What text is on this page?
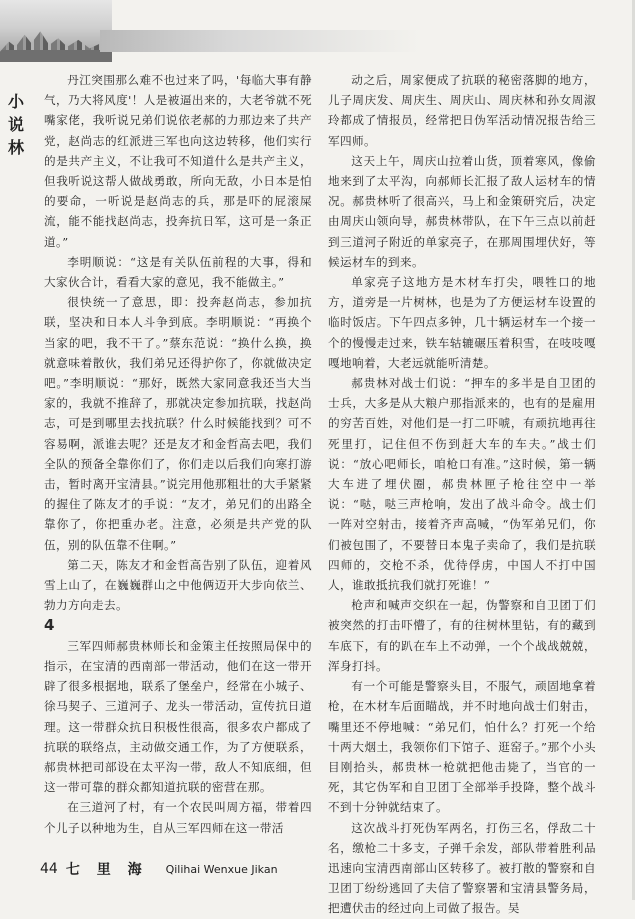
小说林

丹江突围那么难不也过来了吗，'每临大事有静气，乃大将风度'！人是被逼出来的，大老爷就不死嘴家佬，我听说兄弟们说依老郝的力那边来了共产党，赵尚志的红派进三军也向这边转移，他们实行的是共产主义，不让我可不知道什么是共产主义，但我听说这帮人做战勇敢，所向无敌，小日本是怕的要命，一听说是赵尚志的兵，那是吓的屁滚屎流，能不能找赵尚志，投奔抗日军，这可是一条正道。”

李明顺说：“这是有关队伍前程的大事，得和大家伙合计，看看大家的意见，我不能做主。”

很快统一了意思，即：投奔赵尚志，参加抗联，坚决和日本人斗争到底。李明顺说：“再换个当家的吧，我不干了。”蔡东范说：“换什么换，换就意味着散伙，我们弟兄还得护你了，你就做决定吧。”李明顺说：“那好，既然大家同意我还当大当家的，我就不推辞了，那就决定参加抗联，找赵尚志，可是到哪里去找抗联？什么时候能找到？可不容易啊，派谁去呢？还是友才和金哲高去吧，我们全队的预备全靠你们了，你们走以后我们向寒打游击，暂时离开宝清县。”说完用他那粗壮的大手紧紧的握住了陈友才的手说：“友才，弟兄们的出路全靠你了，你把重办老。注意，必须是共产党的队伍，别的队伍靠不住啊。”

第二天，陈友才和金哲高告别了队伍，迎着风雪上山了，在巍巍群山之中他俩迈开大步向依兰、勃力方向走去。

4

三军四师郝贵林师长和金策主任按照局保中的指示，在宝清的西南部一带活动，他们在这一带开辟了很多根据地，联系了堡垒户，经常在小城子、徐马契子、三道河子、龙头一带活动，宣传抗日道理。这一带群众抗日积极性很高，很多农户都成了抗联的联络点，主动做交通工作，为了方便联系，郝贵林把司部设在太平沟一带，敌人不知底细，但这一带可靠的群众都知道抗联的密营在那。

在三道河了村，有一个农民叫周方福，带着四个儿子以种地为生，自从三军四师在这一带活

动之后，周家便成了抗联的秘密落脚的地方，儿子周庆发、周庆生、周庆山、周庆林和孙女周淑玲都成了情报员，经常把日伪军活动情况报告给三军四师。

这天上午，周庆山拉着山货，顶着寒风，像偷地来到了太平沟，向郝师长汇报了敌人运材车的情况。郝贵林听了很高兴，马上和金策研究后，决定由周庆山领向导，郝贵林带队，在下午三点以前赶到三道河子附近的单家亮子，在那周围埋伏好，等候运材车的到来。

单家亮子这地方是木材车打尖，喂牲口的地方，道旁是一片树林，也是为了方便运材车设置的临时饭店。下午四点多钟，几十辆运材车一个接一个的慢慢走过来，铁车轱辘碾压着积雪，在吱吱嘎嘎地响着，大老远就能听清楚。

郝贵林对战士们说：“押车的多半是自卫团的士兵，大多是从大粮户那指派来的，也有的是雇用的穷苦百姓，对他们是一打二吓唬，有顽抗地再往死里打，记住但不伤到赶大车的车夫。”战士们说：“放心吧师长，咱枪口有准。”这时候，第一辆大车进了埋伏圈，郝贵林匣子枪往空中一举说：“哒，哒三声枪响，发出了战斗命令。战士们一阵对空射击，接着齐声高喊，“伪军弟兄们，你们被包围了，不要替日本鬼子卖命了，我们是抗联四师的，交枪不杀，优待俘虏，中国人不打中国人，谁敢抵抗我们就打死谁！”

枪声和喊声交织在一起，伪警察和自卫团丁们被突然的打击吓懵了，有的往树林里钻，有的藏到车底下，有的趴在车上不动弹，一个个战战兢兢，浑身打抖。

有一个可能是警察头目，不服气，顽固地拿着枪，在木材车后面瞄战，并不时地向战士们射击，嘴里还不停地喊：“弟兄们，怕什么？打死一个给十两大烟土，我领你们下馆子、逛窑子。”那个小头目刚拾头，郝贵林一枪就把他击毙了，当官的一死，其它伪军和自卫团丁全部举手投降，整个战斗不到十分钟就结束了。

这次战斗打死伪军两名，打伤三名，俘敌二十名，缴枪二十多支，子弹千余发，部队带着胜利品迅速向宝清西南部山区转移了。被打散的警察和自卫团丁纷纷逃回了夫信了警察署和宝清县警务局，把遭伏击的经过向上司做了报告。吴

44 七 里 海 Qilihai Wenxue Jikan
